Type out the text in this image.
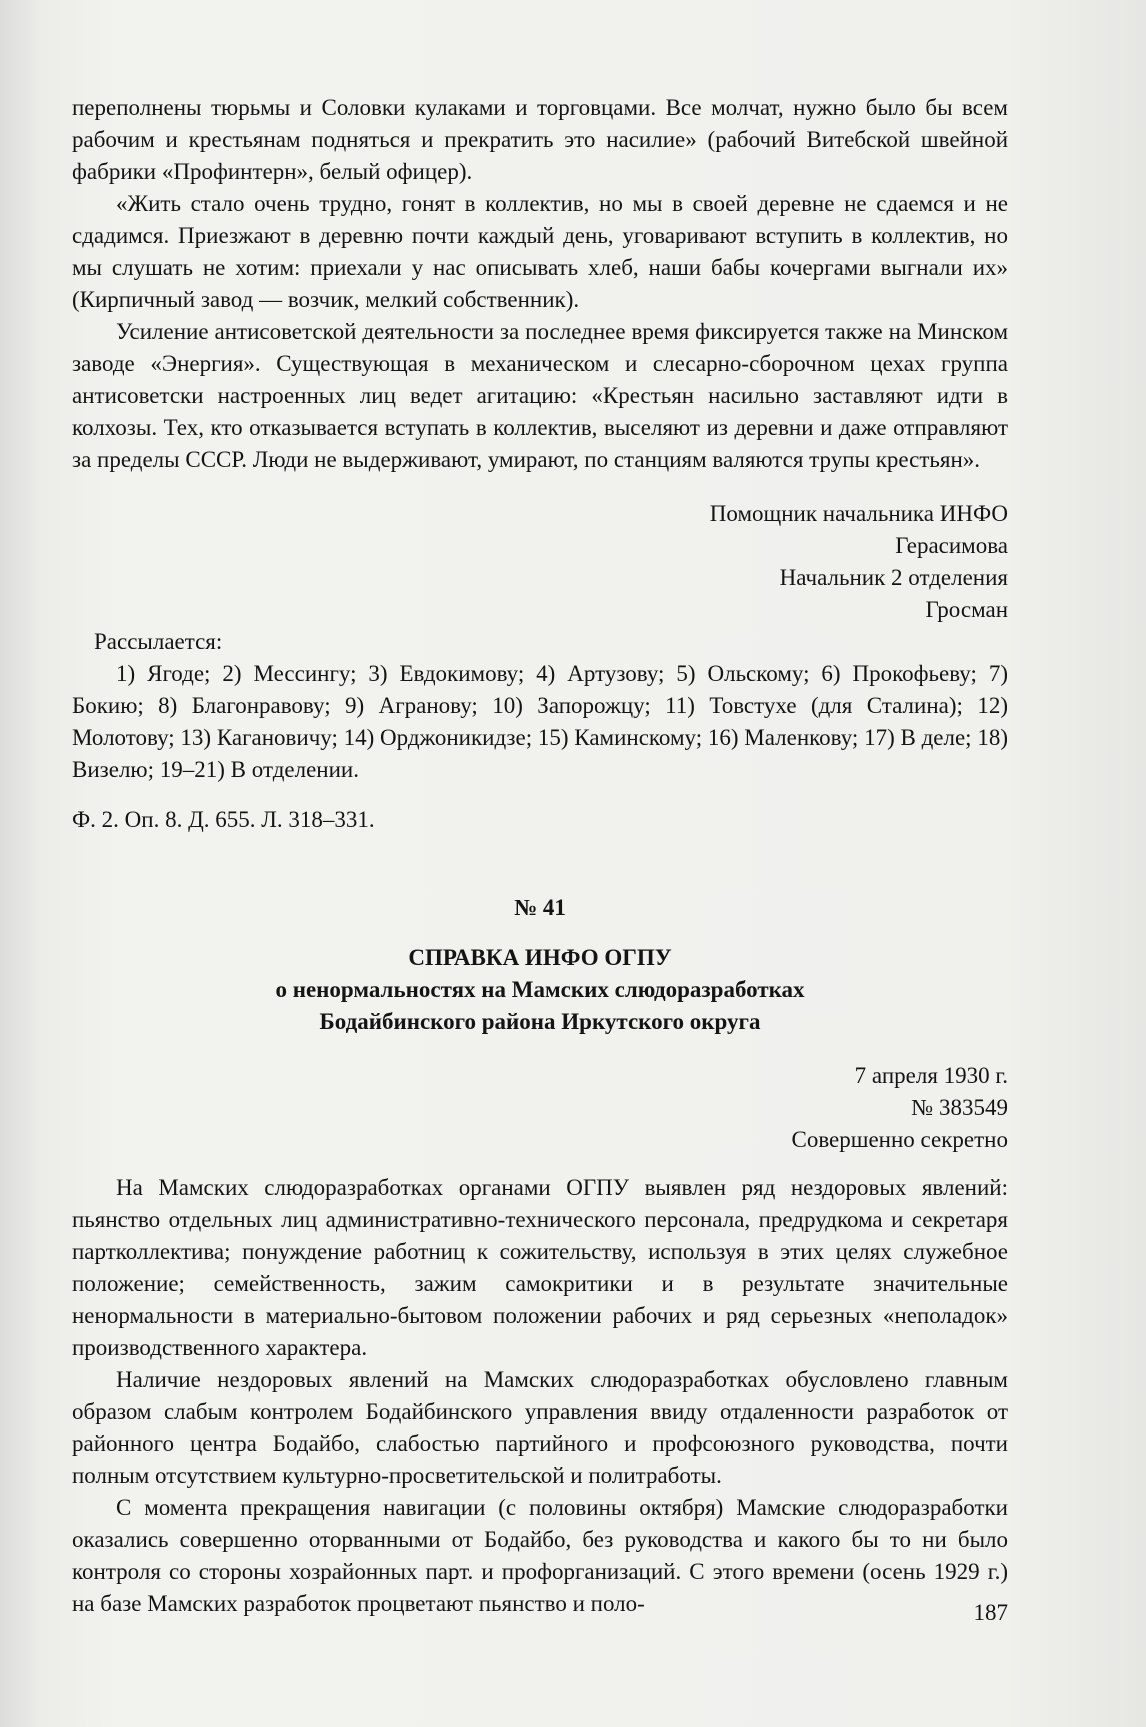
переполнены тюрьмы и Соловки кулаками и торговцами. Все молчат, нужно было бы всем рабочим и крестьянам подняться и прекратить это насилие» (рабочий Витебской швейной фабрики «Профинтерн», белый офицер).

«Жить стало очень трудно, гонят в коллектив, но мы в своей деревне не сдаемся и не сдадимся. Приезжают в деревню почти каждый день, уговаривают вступить в коллектив, но мы слушать не хотим: приехали у нас описывать хлеб, наши бабы кочергами выгнали их» (Кирпичный завод — возчик, мелкий собственник).

Усиление антисоветской деятельности за последнее время фиксируется также на Минском заводе «Энергия». Существующая в механическом и слесарно-сборочном цехах группа антисоветски настроенных лиц ведет агитацию: «Крестьян насильно заставляют идти в колхозы. Тех, кто отказывается вступать в коллектив, выселяют из деревни и даже отправляют за пределы СССР. Люди не выдерживают, умирают, по станциям валяются трупы крестьян».

Помощник начальника ИНФО

Герасимова

Начальник 2 отделения

Гросман

Рассылается:

1) Ягоде; 2) Мессингу; 3) Евдокимову; 4) Артузову; 5) Ольскому; 6) Прокофьеву; 7) Бокию; 8) Благонравову; 9) Агранову; 10) Запорожцу; 11) Товстухе (для Сталина); 12) Молотову; 13) Кагановичу; 14) Орджоникидзе; 15) Каминскому; 16) Маленкову; 17) В деле; 18) Визелю; 19–21) В отделении.

Ф. 2. Оп. 8. Д. 655. Л. 318–331.

№ 41
СПРАВКА ИНФО ОГПУ
о ненормальностях на Мамских слюдоразработках
Бодайбинского района Иркутского округа

7 апреля 1930 г.

№ 383549

Совершенно секретно

На Мамских слюдоразработках органами ОГПУ выявлен ряд нездоровых явлений: пьянство отдельных лиц административно-технического персонала, предрудкома и секретаря партколлектива; понуждение работниц к сожительству, используя в этих целях служебное положение; семейственность, зажим самокритики и в результате значительные ненормальности в материально-бытовом положении рабочих и ряд серьезных «неполадок» производственного характера.

Наличие нездоровых явлений на Мамских слюдоразработках обусловлено главным образом слабым контролем Бодайбинского управления ввиду отдаленности разработок от районного центра Бодайбо, слабостью партийного и профсоюзного руководства, почти полным отсутствием культурно-просветительской и политработы.

С момента прекращения навигации (с половины октября) Мамские слюдоразработки оказались совершенно оторванными от Бодайбо, без руководства и какого бы то ни было контроля со стороны хозрайонных парт. и профорганизаций. С этого времени (осень 1929 г.) на базе Мамских разработок процветают пьянство и поло-	187
